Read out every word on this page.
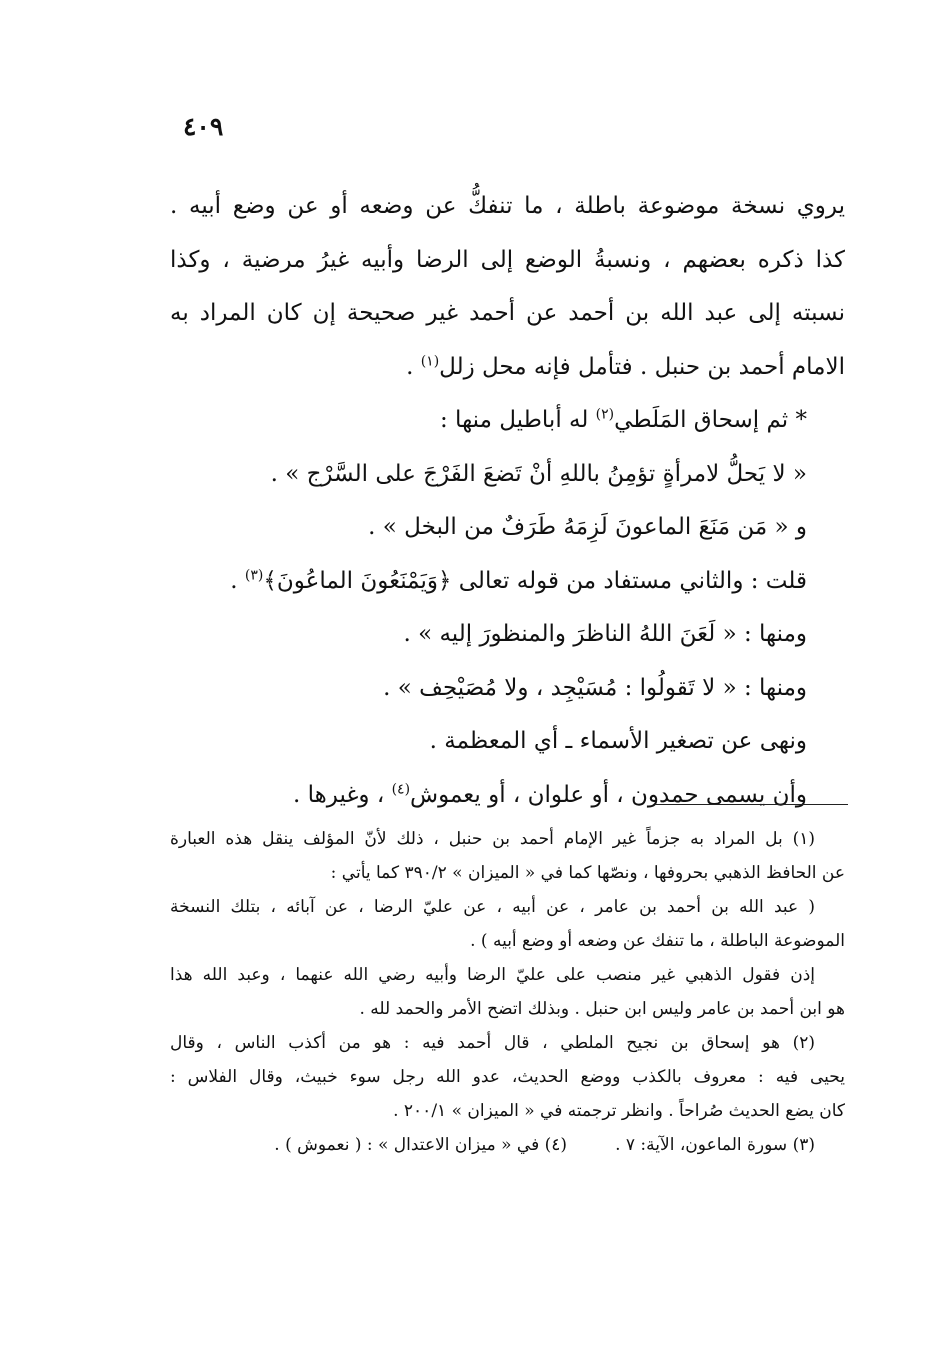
٤٠٩
يروي نسخة موضوعة باطلة ، ما تنفكُّ عن وضعه أو عن وضع أبيه .
كذا ذكره بعضهم ، ونسبةُ الوضع إلى الرضا وأبيه غيرُ مرضية ، وكذا
نسبته إلى عبد الله بن أحمد عن أحمد غير صحيحة إن كان المراد به
الامام أحمد بن حنبل . فتأمل فإنه محل زلل$^{(١)}$ .
* ثم إسحاق المَلَطي$^{(٢)}$ له أباطيل منها :
« لا يَحلُّ لامرأةٍ تؤمِنُ باللهِ أنْ تَضعَ الفَرْجَ على السَّرْج » .
و « مَن مَنَعَ الماعونَ لَزِمَهُ طَرَفٌ من البخل » .
قلت : والثاني مستفاد من قوله تعالى ﴿وَيَمْنَعُونَ الماعُونَ﴾$^{(٣)}$ .
ومنها : « لَعَنَ اللهُ الناظرَ والمنظورَ إليه » .
ومنها : « لا تَقولُوا : مُسَيْجِد ، ولا مُصَيْحِف » .
ونهى عن تصغير الأسماء ـ أي المعظمة .
وأن يسمى حمدون ، أو علوان ، أو يعموش$^{(٤)}$ ، وغيرها .
(١) بل المراد به جزماً غير الإمام أحمد بن حنبل ، ذلك لأنّ المؤلف ينقل هذه العبارة
عن الحافظ الذهبي بحروفها ، ونصّها كما في « الميزان » ٣٩٠/٢ كما يأتي :
( عبد الله بن أحمد بن عامر ، عن أبيه ، عن عليّ الرضا ، عن آبائه ، بتلك النسخة
الموضوعة الباطلة ، ما تنفك عن وضعه أو وضع أبيه ) .
إذن فقول الذهبي غير منصب على عليّ الرضا وأبيه رضي الله عنهما ، وعبد الله هذا
هو ابن أحمد بن عامر وليس ابن حنبل . وبذلك اتضح الأمر والحمد لله .
(٢) هو إسحاق بن نجيح الملطي ، قال أحمد فيه : هو من أكذب الناس ، وقال
يحيى فيه : معروف بالكذب ووضع الحديث، عدو الله رجل سوء خبيث، وقال الفلاس :
كان يضع الحديث صُراحاً . وانظر ترجمته في « الميزان » ٢٠٠/١ .
(٣) سورة الماعون، الآية: ٧ .
(٤) في « ميزان الاعتدال » : ( نعموش ) .
